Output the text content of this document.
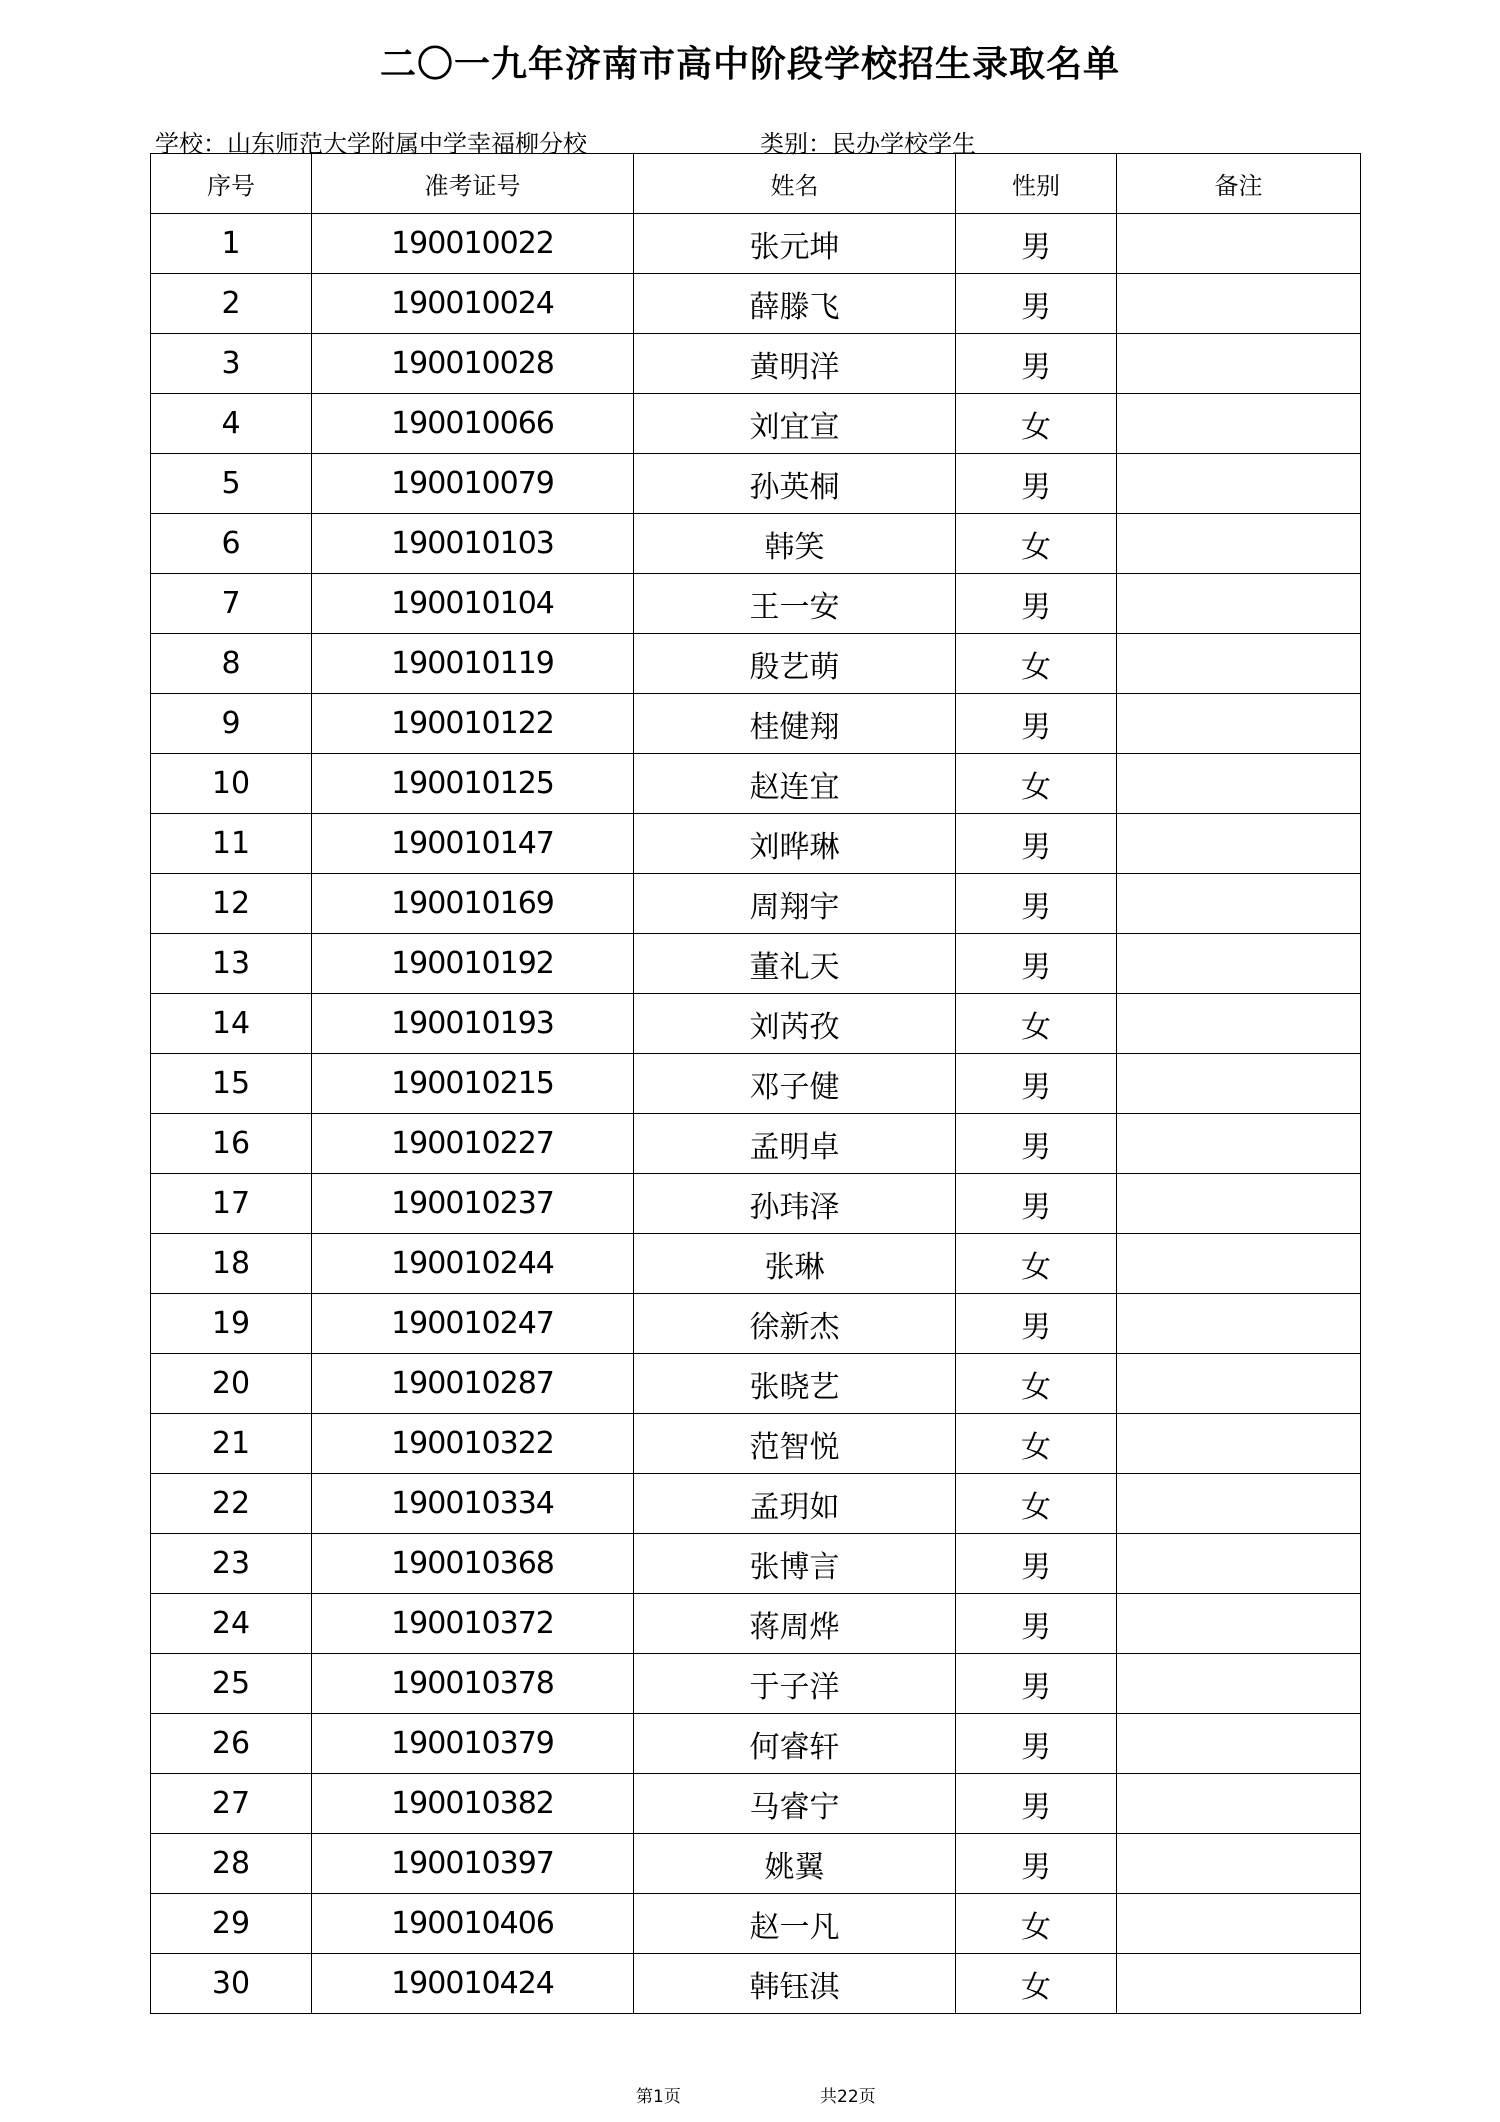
二〇一九年济南市高中阶段学校招生录取名单
学校：山东师范大学附属中学幸福柳分校	类别：民办学校学生
序号	准考证号	姓名	性别	备注
1	190010022	张元坤	男	
2	190010024	薛滕飞	男	
3	190010028	黄明洋	男	
4	190010066	刘宜宣	女	
5	190010079	孙英桐	男	
6	190010103	韩笑	女	
7	190010104	王一安	男	
8	190010119	殷艺萌	女	
9	190010122	桂健翔	男	
10	190010125	赵连宜	女	
11	190010147	刘晔琳	男	
12	190010169	周翔宇	男	
13	190010192	董礼天	男	
14	190010193	刘芮孜	女	
15	190010215	邓子健	男	
16	190010227	孟明卓	男	
17	190010237	孙玮泽	男	
18	190010244	张琳	女	
19	190010247	徐新杰	男	
20	190010287	张晓艺	女	
21	190010322	范智悦	女	
22	190010334	孟玥如	女	
23	190010368	张博言	男	
24	190010372	蒋周烨	男	
25	190010378	于子洋	男	
26	190010379	何睿轩	男	
27	190010382	马睿宁	男	
28	190010397	姚翼	男	
29	190010406	赵一凡	女	
30	190010424	韩钰淇	女	
第1页	共22页
